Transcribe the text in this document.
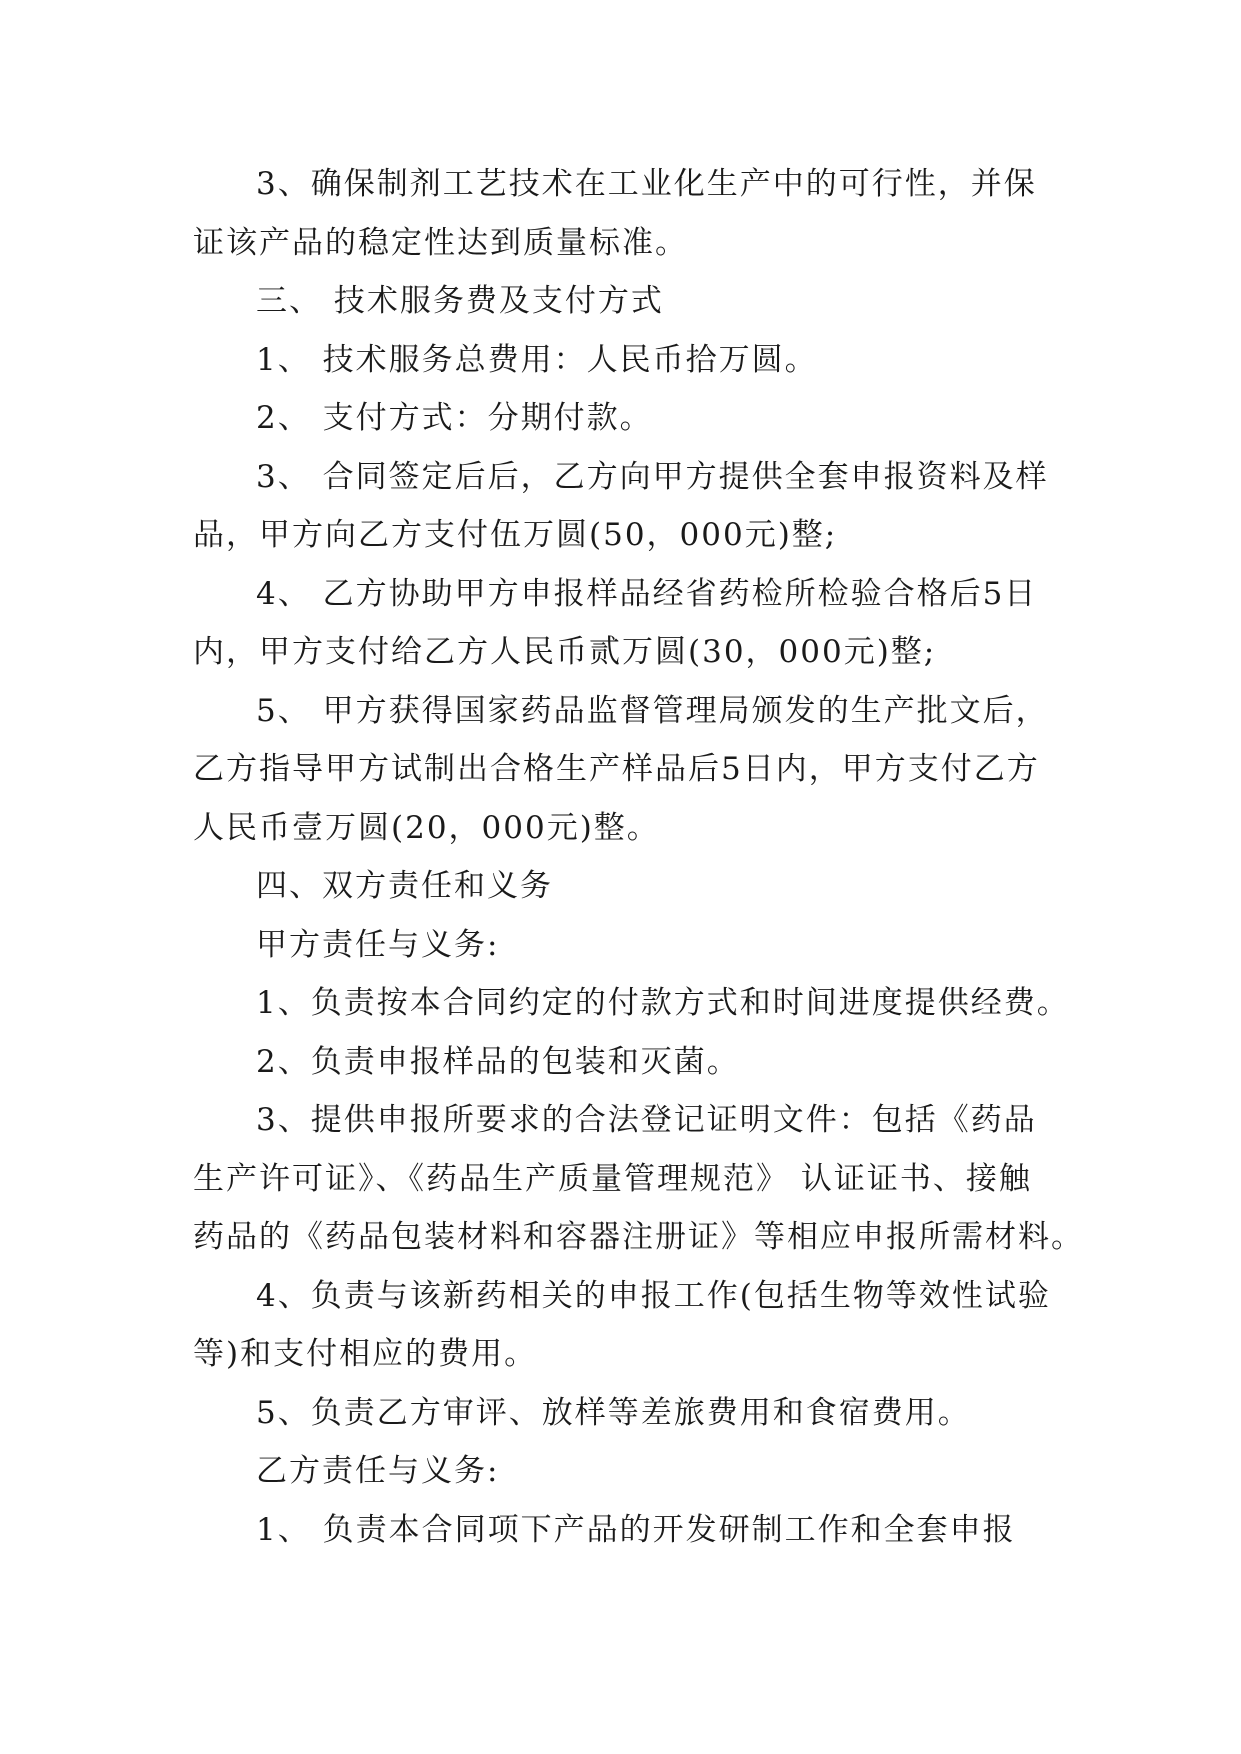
3、确保制剂工艺技术在工业化生产中的可行性，并保
证该产品的稳定性达到质量标准。
三、 技术服务费及支付方式
1、 技术服务总费用：人民币拾万圆。
2、 支付方式：分期付款。
3、 合同签定后后，乙方向甲方提供全套申报资料及样
品，甲方向乙方支付伍万圆(50，000元)整;
4、 乙方协助甲方申报样品经省药检所检验合格后5日
内，甲方支付给乙方人民币贰万圆(30，000元)整;
5、 甲方获得国家药品监督管理局颁发的生产批文后，
乙方指导甲方试制出合格生产样品后5日内，甲方支付乙方
人民币壹万圆(20，000元)整。
四、双方责任和义务
甲方责任与义务:
1、负责按本合同约定的付款方式和时间进度提供经费。
2、负责申报样品的包装和灭菌。
3、提供申报所要求的合法登记证明文件：包括《药品
生产许可证》、《药品生产质量管理规范》 认证证书、接触
药品的《药品包装材料和容器注册证》等相应申报所需材料。
4、负责与该新药相关的申报工作(包括生物等效性试验
等)和支付相应的费用。
5、负责乙方审评、放样等差旅费用和食宿费用。
乙方责任与义务:
1、 负责本合同项下产品的开发研制工作和全套申报
